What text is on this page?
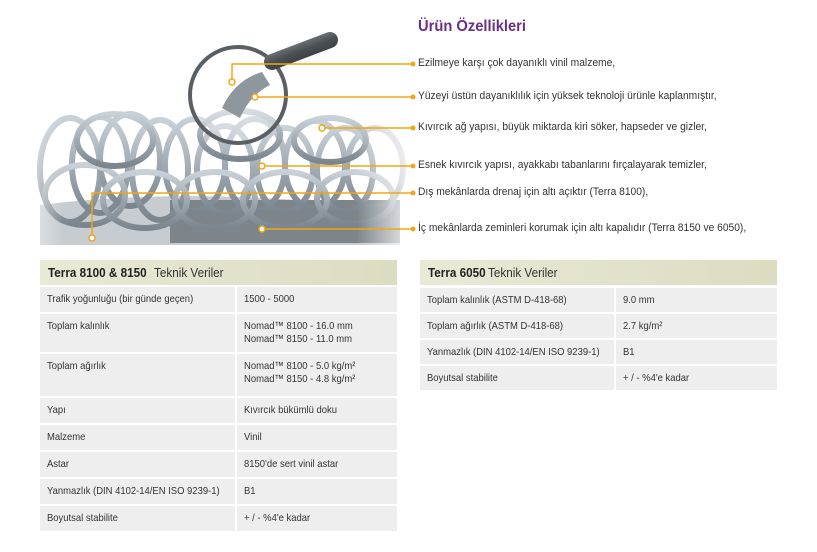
Ürün Özellikleri
Ezilmeye karşı çok dayanıklı vinil malzeme,
Yüzeyi üstün dayanıklılık için yüksek teknoloji ürünle kaplanmıştır,
Kıvırcık ağ yapısı, büyük miktarda kiri söker, hapseder ve gizler,
Esnek kıvırcık yapısı, ayakkabı tabanlarını fırçalayarak temizler,
Dış mekânlarda drenaj için altı açıktır (Terra 8100),
İç mekânlarda zeminleri korumak için altı kapalıdır (Terra 8150 ve 6050),
Terra 8100 & 8150 Teknik Veriler
Trafik yoğunluğu (bir günde geçen)	1500 - 5000
Toplam kalınlık	Nomad™ 8100 - 16.0 mm
Nomad™ 8150 - 11.0 mm
Toplam ağırlık	Nomad™ 8100 - 5.0 kg/m²
Nomad™ 8150 - 4.8 kg/m²
Yapı	Kıvırcık bükümlü doku
Malzeme	Vinil
Astar	8150'de sert vinil astar
Yanmazlık (DIN 4102-14/EN ISO 9239-1)	B1
Boyutsal stabilite	+ / - %4'e kadar
Terra 6050 Teknik Veriler
Toplam kalınlık (ASTM D-418-68)	9.0 mm
Toplam ağırlık (ASTM D-418-68)	2.7 kg/m²
Yanmazlık (DIN 4102-14/EN ISO 9239-1)	B1
Boyutsal stabilite	+ / - %4'e kadar
